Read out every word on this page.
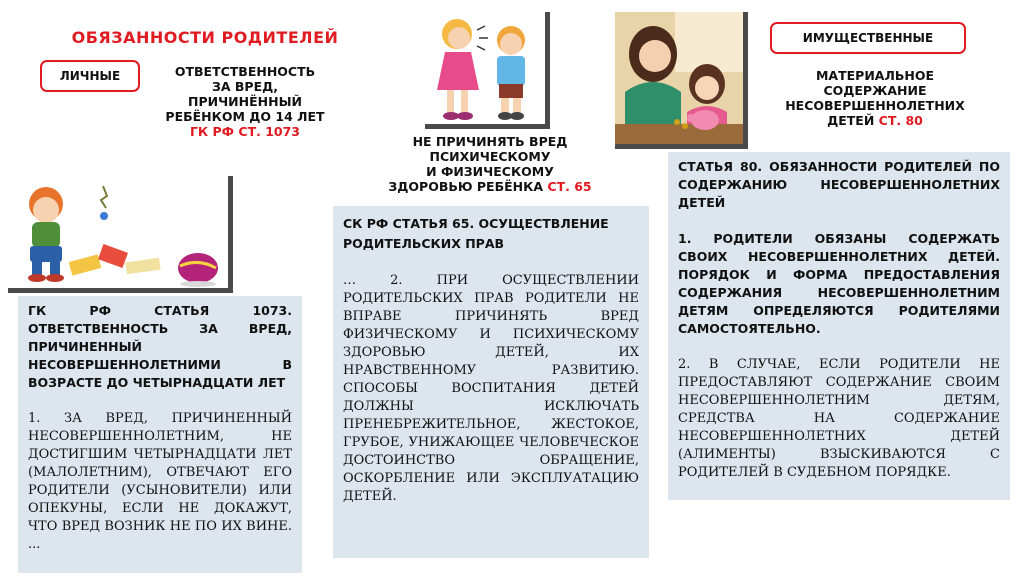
ОБЯЗАННОСТИ РОДИТЕЛЕЙ
ЛИЧНЫЕ
ИМУЩЕСТВЕННЫЕ
ОТВЕТСТВЕННОСТЬ
ЗА ВРЕД,
ПРИЧИНЁННЫЙ
РЕБЁНКОМ ДО 14 ЛЕТ
ГК РФ СТ. 1073
НЕ ПРИЧИНЯТЬ ВРЕД
ПСИХИЧЕСКОМУ
И ФИЗИЧЕСКОМУ
ЗДОРОВЬЮ РЕБЁНКА СТ. 65
МАТЕРИАЛЬНОЕ
СОДЕРЖАНИЕ
НЕСОВЕРШЕННОЛЕТНИХ
ДЕТЕЙ СТ. 80
ГК РФ СТАТЬЯ 1073. ОТВЕТСТВЕННОСТЬ ЗА ВРЕД, ПРИЧИНЕННЫЙ НЕСОВЕРШЕННОЛЕТНИМИ В ВОЗРАСТЕ ДО ЧЕТЫРНАДЦАТИ ЛЕТ
1. ЗА ВРЕД, ПРИЧИНЕННЫЙ НЕСОВЕРШЕННОЛЕТНИМ, НЕ ДОСТИГШИМ ЧЕТЫРНАДЦАТИ ЛЕТ (МАЛОЛЕТНИМ), ОТВЕЧАЮТ ЕГО РОДИТЕЛИ (УСЫНОВИТЕЛИ) ИЛИ ОПЕКУНЫ, ЕСЛИ НЕ ДОКАЖУТ, ЧТО ВРЕД ВОЗНИК НЕ ПО ИХ ВИНЕ. ...
СК РФ СТАТЬЯ 65. ОСУЩЕСТВЛЕНИЕ РОДИТЕЛЬСКИХ ПРАВ
… 2. ПРИ ОСУЩЕСТВЛЕНИИ РОДИТЕЛЬСКИХ ПРАВ РОДИТЕЛИ НЕ ВПРАВЕ ПРИЧИНЯТЬ ВРЕД ФИЗИЧЕСКОМУ И ПСИХИЧЕСКОМУ ЗДОРОВЬЮ ДЕТЕЙ, ИХ НРАВСТВЕННОМУ РАЗВИТИЮ. СПОСОБЫ ВОСПИТАНИЯ ДЕТЕЙ ДОЛЖНЫ ИСКЛЮЧАТЬ ПРЕНЕБРЕЖИТЕЛЬНОЕ, ЖЕСТОКОЕ, ГРУБОЕ, УНИЖАЮЩЕЕ ЧЕЛОВЕЧЕСКОЕ ДОСТОИНСТВО ОБРАЩЕНИЕ, ОСКОРБЛЕНИЕ ИЛИ ЭКСПЛУАТАЦИЮ ДЕТЕЙ.
СТАТЬЯ 80. ОБЯЗАННОСТИ РОДИТЕЛЕЙ ПО СОДЕРЖАНИЮ НЕСОВЕРШЕННОЛЕТНИХ ДЕТЕЙ
1. РОДИТЕЛИ ОБЯЗАНЫ СОДЕРЖАТЬ СВОИХ НЕСОВЕРШЕННОЛЕТНИХ ДЕТЕЙ. ПОРЯДОК И ФОРМА ПРЕДОСТАВЛЕНИЯ СОДЕРЖАНИЯ НЕСОВЕРШЕННОЛЕТНИМ ДЕТЯМ ОПРЕДЕЛЯЮТСЯ РОДИТЕЛЯМИ САМОСТОЯТЕЛЬНО.
2. В СЛУЧАЕ, ЕСЛИ РОДИТЕЛИ НЕ ПРЕДОСТАВЛЯЮТ СОДЕРЖАНИЕ СВОИМ НЕСОВЕРШЕННОЛЕТНИМ ДЕТЯМ, СРЕДСТВА НА СОДЕРЖАНИЕ НЕСОВЕРШЕННОЛЕТНИХ ДЕТЕЙ (АЛИМЕНТЫ) ВЗЫСКИВАЮТСЯ С РОДИТЕЛЕЙ В СУДЕБНОМ ПОРЯДКЕ.
